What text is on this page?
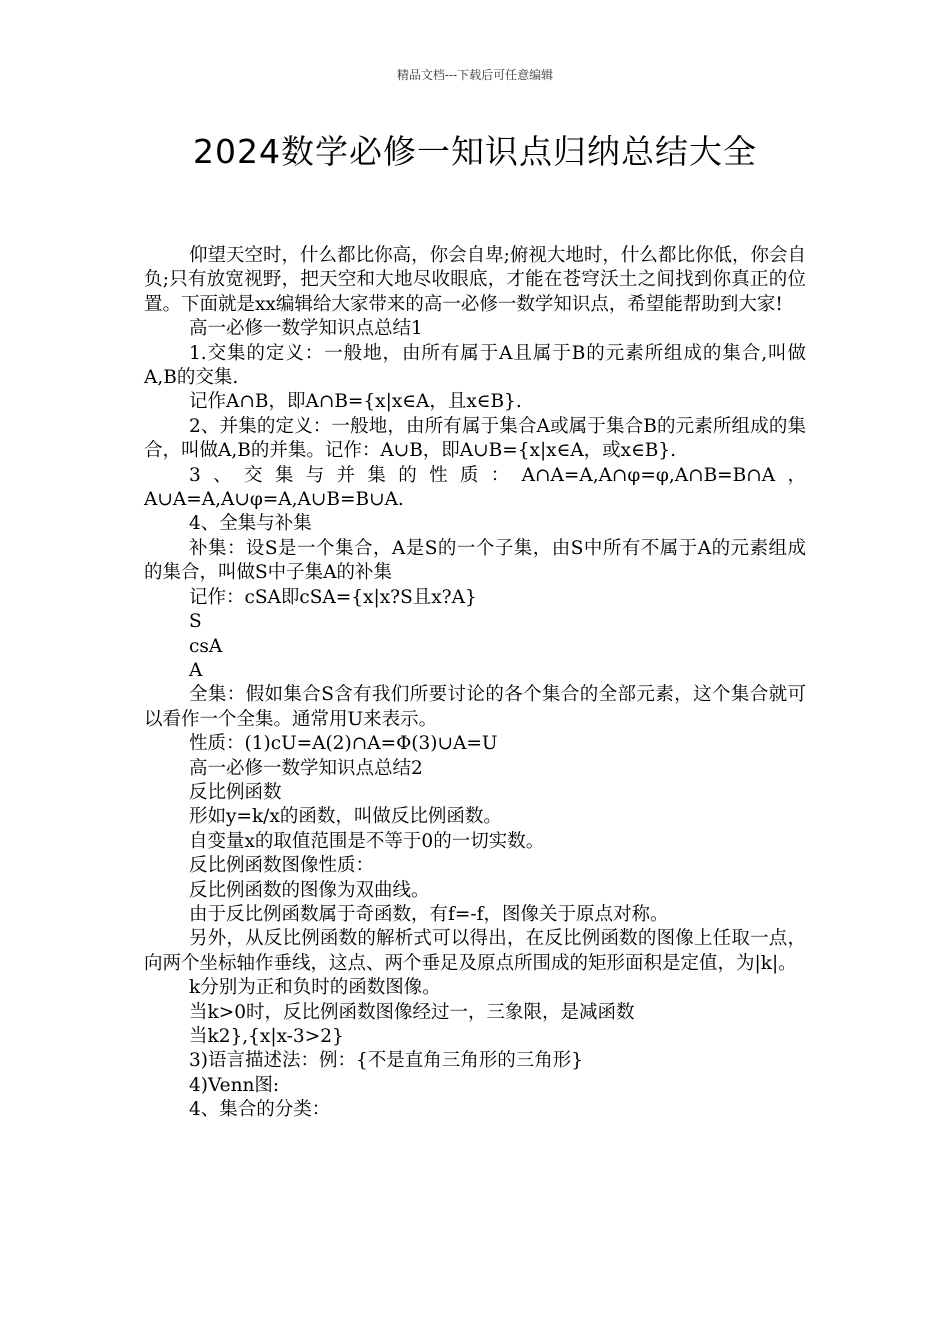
精品文档---下载后可任意编辑
2024数学必修一知识点归纳总结大全

仰望天空时，什么都比你高，你会自卑;俯视大地时，什么都比你低，你会自负;只有放宽视野，把天空和大地尽收眼底，才能在苍穹沃土之间找到你真正的位置。下面就是xx编辑给大家带来的高一必修一数学知识点，希望能帮助到大家!

高一必修一数学知识点总结1

1.交集的定义：一般地，由所有属于A且属于B的元素所组成的集合,叫做A,B的交集.

记作A∩B，即A∩B={x|x∈A，且x∈B}.

2、并集的定义：一般地，由所有属于集合A或属于集合B的元素所组成的集合，叫做A,B的并集。记作：A∪B，即A∪B={x|x∈A，或x∈B}.

3、交集与并集的性质：A∩A=A,A∩φ=φ,A∩B=B∩A，A∪A=A,A∪φ=A,A∪B=B∪A.

4、全集与补集

补集：设S是一个集合，A是S的一个子集，由S中所有不属于A的元素组成的集合，叫做S中子集A的补集

记作：cSA即cSA={x|x?S且x?A}

S

csA

A

全集：假如集合S含有我们所要讨论的各个集合的全部元素，这个集合就可以看作一个全集。通常用U来表示。

性质：(1)cU=A(2)∩A=Φ(3)∪A=U

高一必修一数学知识点总结2

反比例函数

形如y=k/x的函数，叫做反比例函数。

自变量x的取值范围是不等于0的一切实数。

反比例函数图像性质：

反比例函数的图像为双曲线。

由于反比例函数属于奇函数，有f=-f，图像关于原点对称。

另外，从反比例函数的解析式可以得出，在反比例函数的图像上任取一点，向两个坐标轴作垂线，这点、两个垂足及原点所围成的矩形面积是定值，为|k|。

k分别为正和负时的函数图像。

当k>0时，反比例函数图像经过一，三象限，是减函数

当k2},{x|x-3>2}

3)语言描述法：例：{不是直角三角形的三角形}

4)Venn图:

4、集合的分类：
